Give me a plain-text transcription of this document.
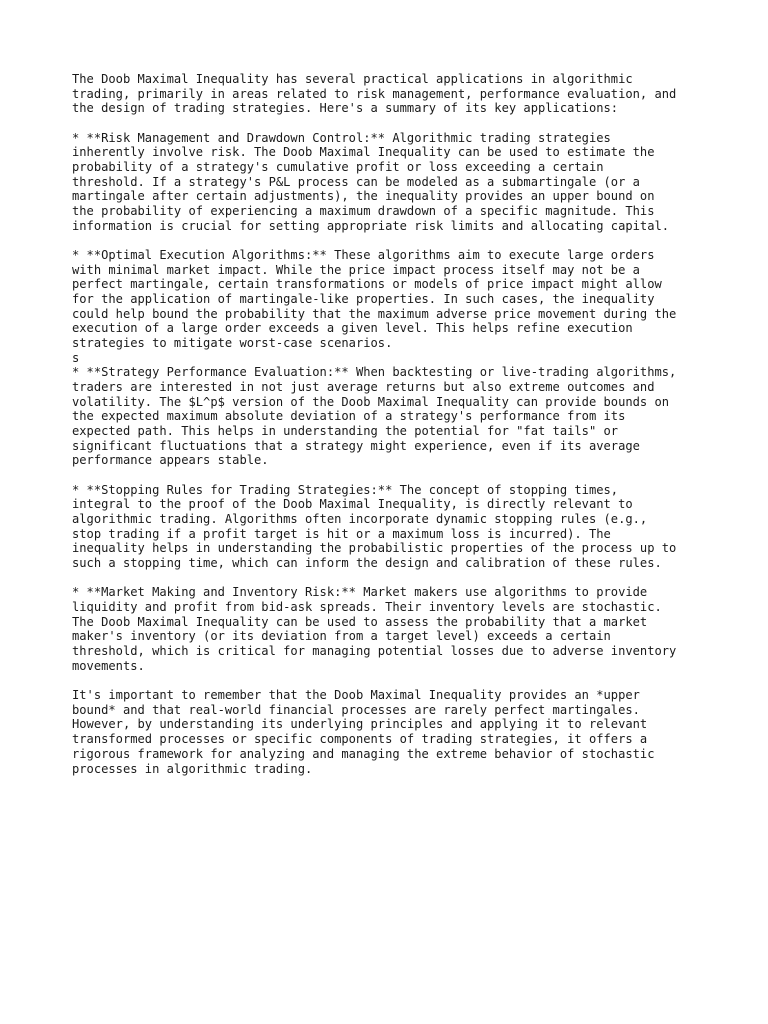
The Doob Maximal Inequality has several practical applications in algorithmic
trading, primarily in areas related to risk management, performance evaluation, and
the design of trading strategies. Here's a summary of its key applications:

* **Risk Management and Drawdown Control:** Algorithmic trading strategies
inherently involve risk. The Doob Maximal Inequality can be used to estimate the
probability of a strategy's cumulative profit or loss exceeding a certain
threshold. If a strategy's P&L process can be modeled as a submartingale (or a
martingale after certain adjustments), the inequality provides an upper bound on
the probability of experiencing a maximum drawdown of a specific magnitude. This
information is crucial for setting appropriate risk limits and allocating capital.

* **Optimal Execution Algorithms:** These algorithms aim to execute large orders
with minimal market impact. While the price impact process itself may not be a
perfect martingale, certain transformations or models of price impact might allow
for the application of martingale-like properties. In such cases, the inequality
could help bound the probability that the maximum adverse price movement during the
execution of a large order exceeds a given level. This helps refine execution
strategies to mitigate worst-case scenarios.
s

* **Strategy Performance Evaluation:** When backtesting or live-trading algorithms,
traders are interested in not just average returns but also extreme outcomes and
volatility. The $L^p$ version of the Doob Maximal Inequality can provide bounds on
the expected maximum absolute deviation of a strategy's performance from its
expected path. This helps in understanding the potential for "fat tails" or
significant fluctuations that a strategy might experience, even if its average
performance appears stable.

* **Stopping Rules for Trading Strategies:** The concept of stopping times,
integral to the proof of the Doob Maximal Inequality, is directly relevant to
algorithmic trading. Algorithms often incorporate dynamic stopping rules (e.g.,
stop trading if a profit target is hit or a maximum loss is incurred). The
inequality helps in understanding the probabilistic properties of the process up to
such a stopping time, which can inform the design and calibration of these rules.

* **Market Making and Inventory Risk:** Market makers use algorithms to provide
liquidity and profit from bid-ask spreads. Their inventory levels are stochastic.
The Doob Maximal Inequality can be used to assess the probability that a market
maker's inventory (or its deviation from a target level) exceeds a certain
threshold, which is critical for managing potential losses due to adverse inventory
movements.

It's important to remember that the Doob Maximal Inequality provides an *upper
bound* and that real-world financial processes are rarely perfect martingales.
However, by understanding its underlying principles and applying it to relevant
transformed processes or specific components of trading strategies, it offers a
rigorous framework for analyzing and managing the extreme behavior of stochastic
processes in algorithmic trading.
